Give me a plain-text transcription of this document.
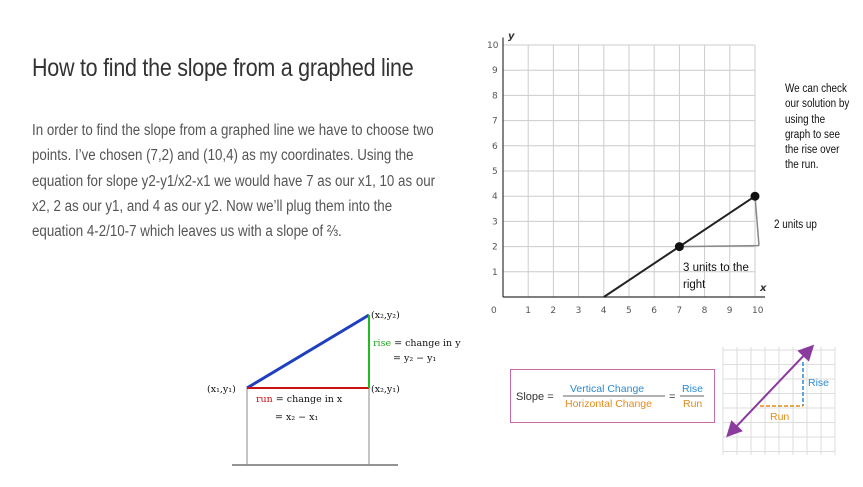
How to find the slope from a graphed line
In order to find the slope from a graphed line we have to choose two points. I’ve chosen (7,2) and (10,4) as my coordinates. Using the equation for slope y2-y1/x2-x1 we would have 7 as our x1, 10 as our x2, 2 as our y1, and 4 as our y2. Now we’ll plug them into the equation 4-2/10-7 which leaves us with a slope of ⅔.
We can check our solution by using the graph to see the rise over the run.
2 units up
0	1 2 3 4 5 6 7 8 9 10
1
2
3
4
5
6
7
8
9
10
y
x
3 units to the
right
(x₁,y₁)
(x₂,y₂)
(x₂,y₁)
rise = change in y
= y₂ − y₁
run = change in x
= x₂ − x₁
Slope =
Vertical Change
Horizontal Change
=
Rise
Run
Rise
Run
